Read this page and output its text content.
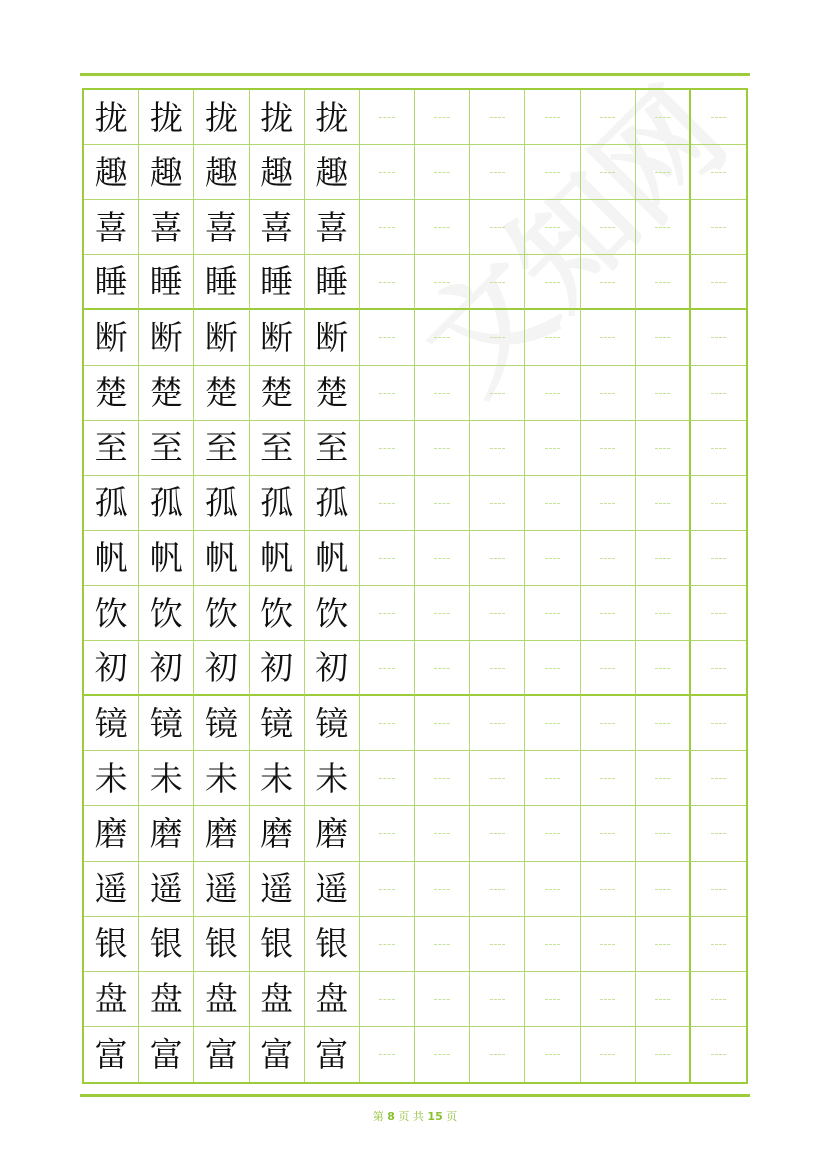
拢 拢 拢 拢 拢
趣 趣 趣 趣 趣
喜 喜 喜 喜 喜
睡 睡 睡 睡 睡
断 断 断 断 断
楚 楚 楚 楚 楚
至 至 至 至 至
孤 孤 孤 孤 孤
帆 帆 帆 帆 帆
饮 饮 饮 饮 饮
初 初 初 初 初
镜 镜 镜 镜 镜
未 未 未 未 未
磨 磨 磨 磨 磨
遥 遥 遥 遥 遥
银 银 银 银 银
盘 盘 盘 盘 盘
富 富 富 富 富
第 8 页 共 15 页
